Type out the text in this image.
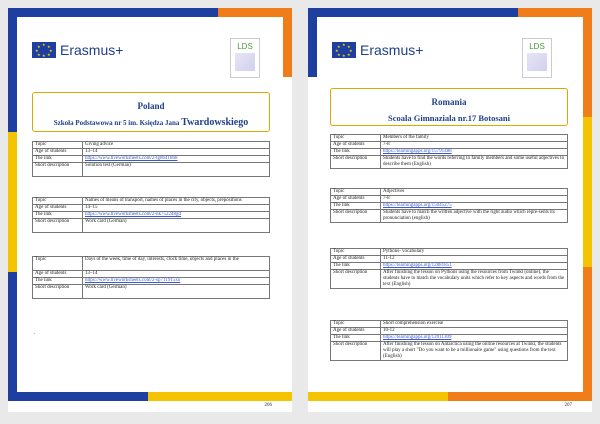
★ ★
★
★
★
★
★
★ Erasmus+	LDS
Poland
Szkoła Podstawowa nr 5 im. Księdza Jana Twardowskiego
Topic	Giving advice
Age of students	13–14
The link	https://www.liveworksheets.com/2-tg8641868
Short description	Solution test (German)
Topic	Names of means of transport, names of places in the city, objects, prepositions
Age of students	14–15
The link	https://www.liveworksheets.com/2-nk752248gd
Short description	Work card (German)
Topic	Days of the week, time of day, interests, clock time, objects and places in the
Age of students	13–14
The link	https://www.liveworksheets.com/2-sp711915xo
Short description	Work card (German)
.
206
★ ★
★
★
★
★
★
★ Erasmus+	LDS
Romania
Scoala Gimnaziala nr.17 Botosani
Topic	Members of the family
Age of students	7-8
The link	https://learningapps.org/15791488
Short description	Students have to find the words referring to family members and some useful adjectives to describe them (English)
Topic	Adjectives
Age of students	7-8
The link	https://learningapps.org/15045275
Short description	Students have to match the written adjective with the right audio which repre-sents its pronunciation (english)
Topic	Pythons- vocabulary
Age of students	11-12
The link	https://learningapps.org/12881851
Short description	After finishing the lesson on Pythons using the resources from Twinkl (online), the students have to match the vocabulary units which refer to key aspects and words from the text (English)
Topic	Short comprehension exercise
Age of students	10-12
The link	https://learningapps.org/12011309
Short description	After finishing the lesson on Antarctica using the online resources at Twinkl, the students will play a short "Do you want to be a millionaire game" using questions from the text (English)
207
